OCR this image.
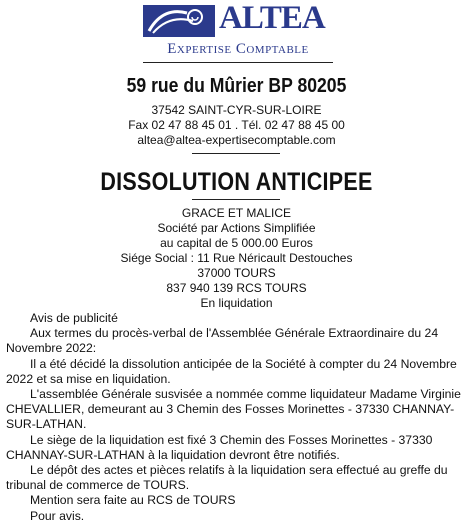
ALTEA
Expertise Comptable
59 rue du Mûrier BP 80205
37542 SAINT-CYR-SUR-LOIRE
Fax 02 47 88 45 01 . Tél. 02 47 88 45 00
altea@altea-expertisecomptable.com
DISSOLUTION ANTICIPEE
GRACE ET MALICE
Société par Actions Simplifiée
au capital de 5 000.00 Euros
Siége Social : 11 Rue Néricault Destouches
37000 TOURS
837 940 139 RCS TOURS
En liquidation

Avis de publicité

Aux termes du procès-verbal de l'Assemblée Générale Extraordinaire du 24 Novembre 2022:

Il a été décidé la dissolution anticipée de la Société à compter du 24 Novembre 2022 et sa mise en liquidation.

L'assemblée Générale susvisée a nommée comme liquidateur Madame Virginie CHEVALLIER, demeurant au 3 Chemin des Fosses Morinettes - 37330 CHANNAY-SUR-LATHAN.

Le siège de la liquidation est fixé 3 Chemin des Fosses Morinettes - 37330 CHANNAY-SUR-LATHAN à la liquidation devront être notifiés.

Le dépôt des actes et pièces relatifs à la liquidation sera effectué au greffe du tribunal de commerce de TOURS.

Mention sera faite au RCS de TOURS

Pour avis.
